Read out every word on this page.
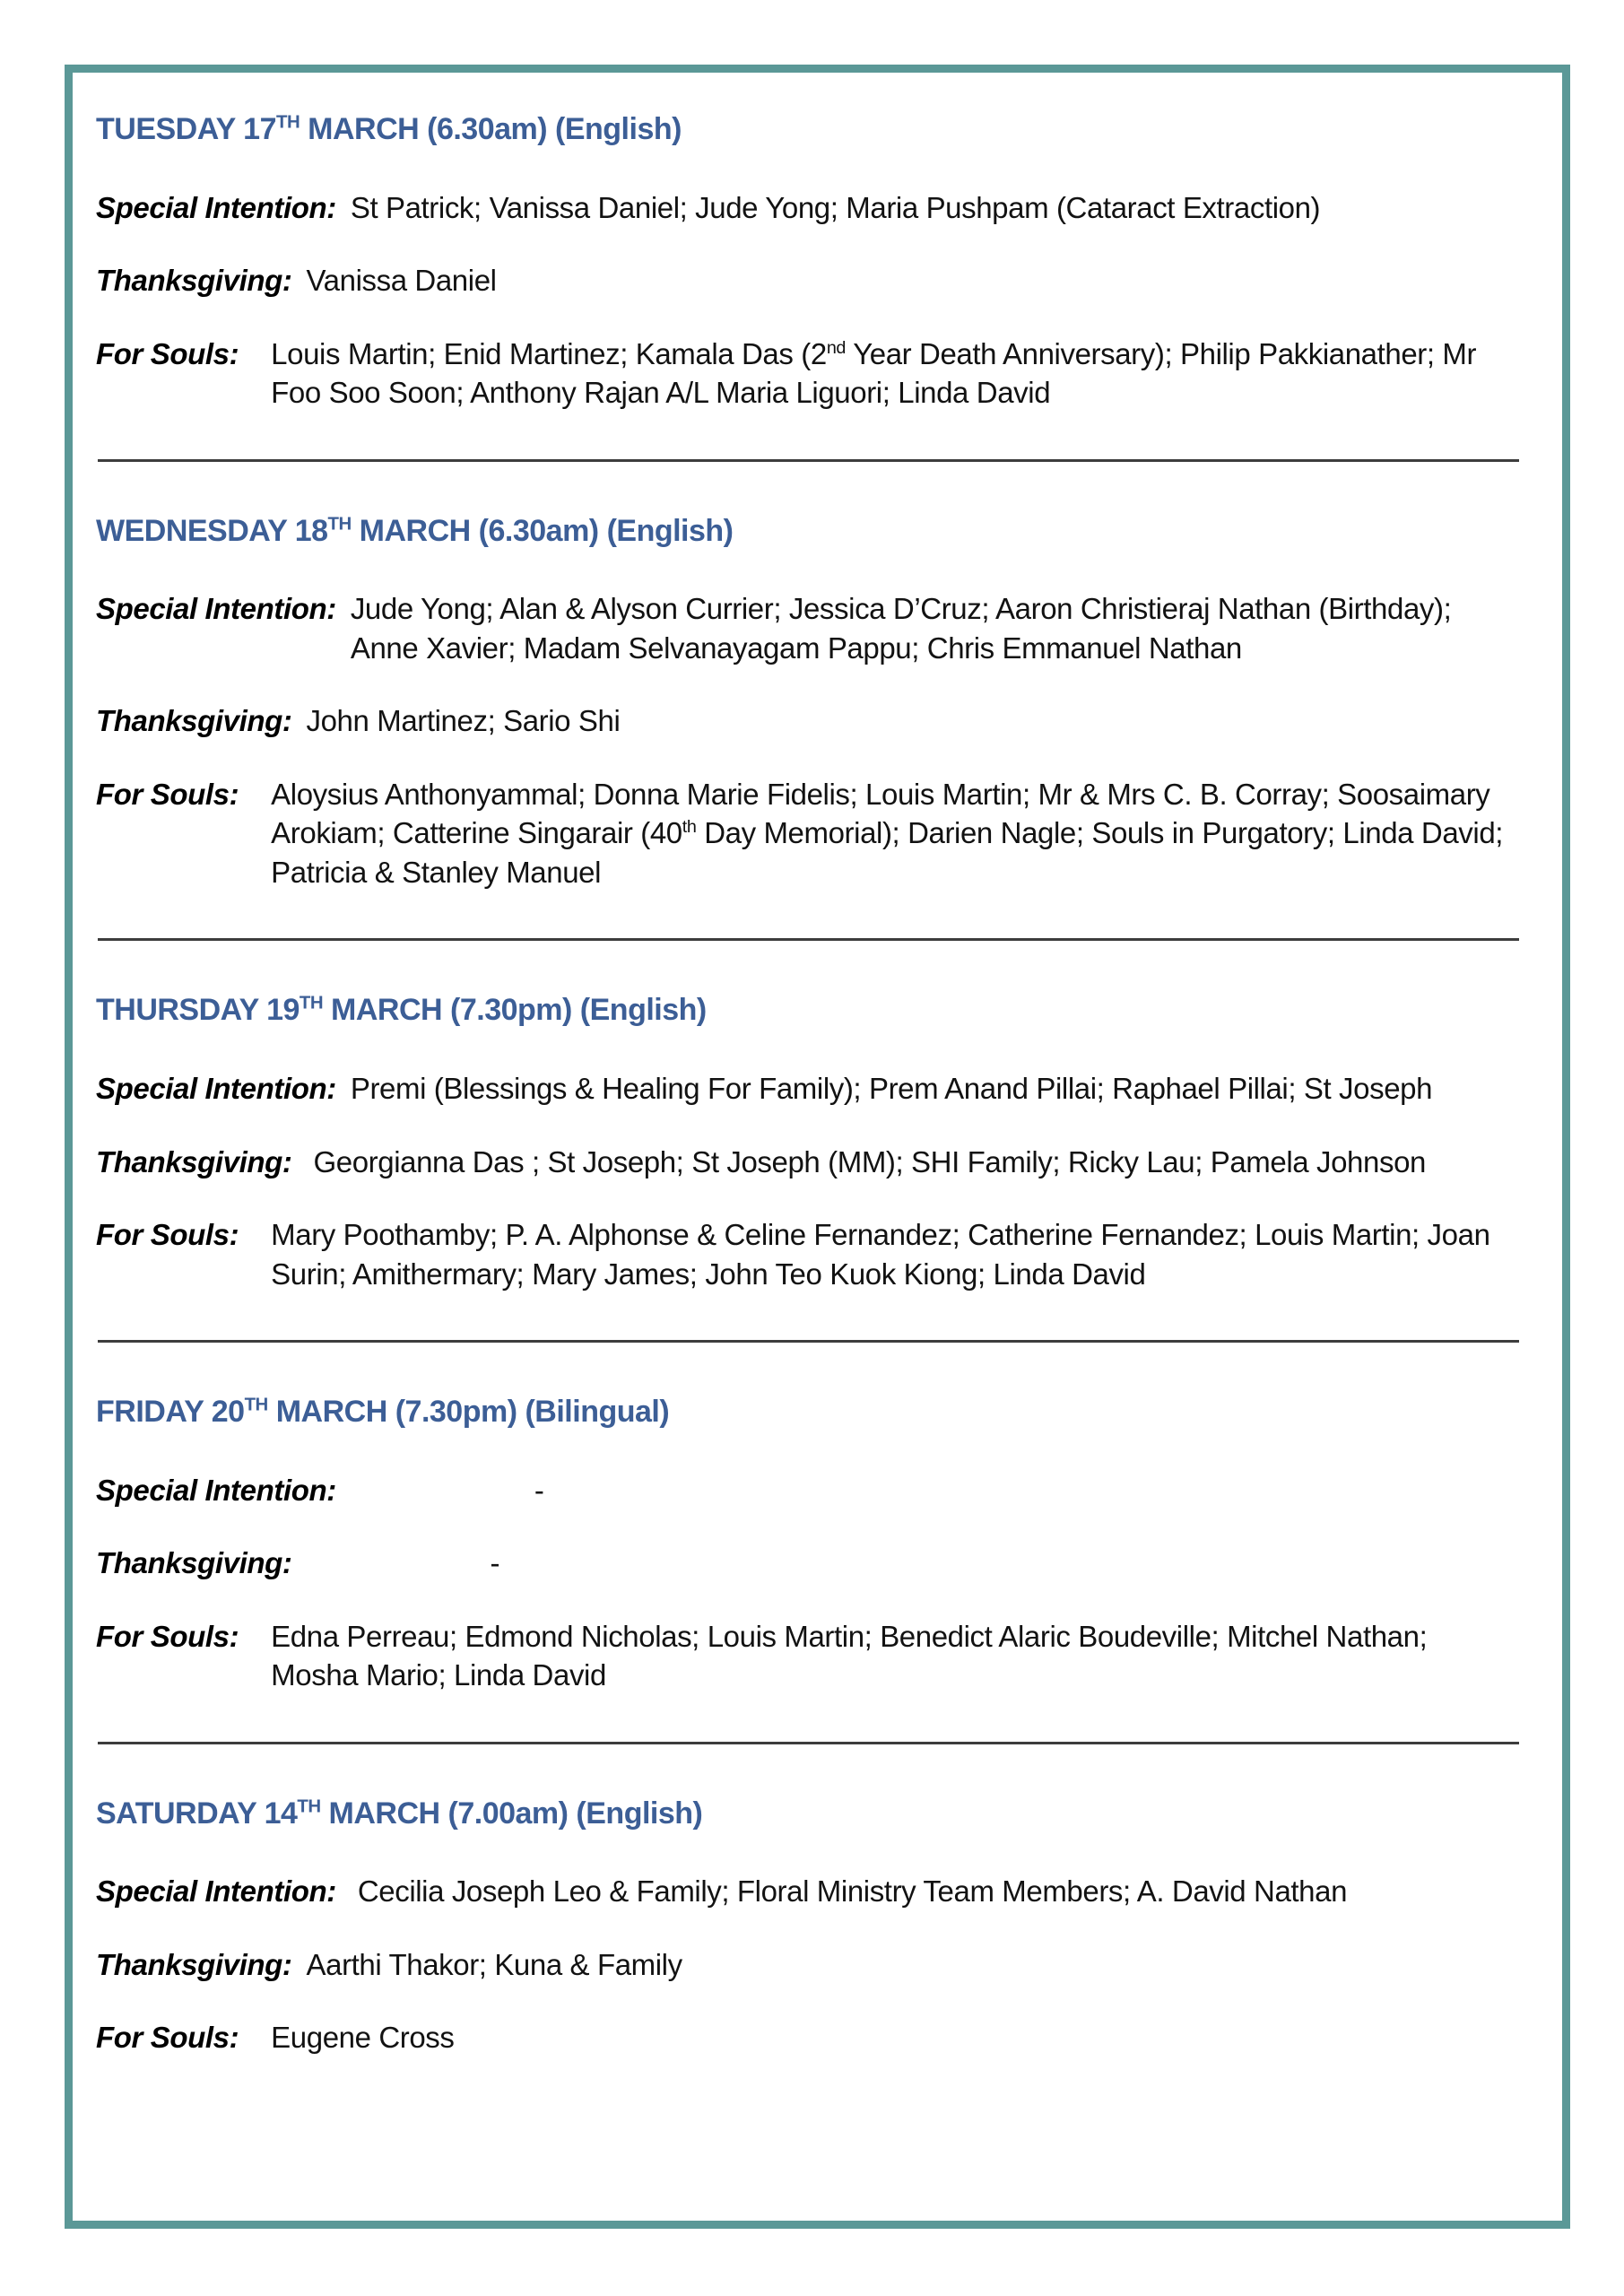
TUESDAY 17TH MARCH (6.30am) (English)
Special Intention: St Patrick; Vanissa Daniel; Jude Yong; Maria Pushpam (Cataract Extraction)
Thanksgiving: Vanissa Daniel
For Souls: Louis Martin; Enid Martinez; Kamala Das (2nd Year Death Anniversary); Philip Pakkianather; Mr Foo Soo Soon; Anthony Rajan A/L Maria Liguori; Linda David
WEDNESDAY 18TH MARCH (6.30am) (English)
Special Intention: Jude Yong; Alan & Alyson Currier; Jessica D’Cruz; Aaron Christieraj Nathan (Birthday); Anne Xavier; Madam Selvanayagam Pappu; Chris Emmanuel Nathan
Thanksgiving: John Martinez; Sario Shi
For Souls: Aloysius Anthonyammal; Donna Marie Fidelis; Louis Martin; Mr & Mrs C. B. Corray; Soosaimary Arokiam; Catterine Singarair (40th Day Memorial); Darien Nagle; Souls in Purgatory; Linda David; Patricia & Stanley Manuel
THURSDAY 19TH MARCH (7.30pm) (English)
Special Intention: Premi (Blessings & Healing For Family); Prem Anand Pillai; Raphael Pillai; St Joseph
Thanksgiving: Georgianna Das ; St Joseph; St Joseph (MM); SHI Family; Ricky Lau; Pamela Johnson
For Souls: Mary Poothamby; P. A. Alphonse & Celine Fernandez; Catherine Fernandez; Louis Martin; Joan Surin; Amithermary; Mary James; John Teo Kuok Kiong; Linda David
FRIDAY 20TH MARCH (7.30pm) (Bilingual)
Special Intention:	-
Thanksgiving:	-
For Souls: Edna Perreau; Edmond Nicholas; Louis Martin; Benedict Alaric Boudeville; Mitchel Nathan; Mosha Mario; Linda David
SATURDAY 14TH MARCH (7.00am) (English)
Special Intention: Cecilia Joseph Leo & Family; Floral Ministry Team Members; A. David Nathan
Thanksgiving: Aarthi Thakor; Kuna & Family
For Souls: Eugene Cross
